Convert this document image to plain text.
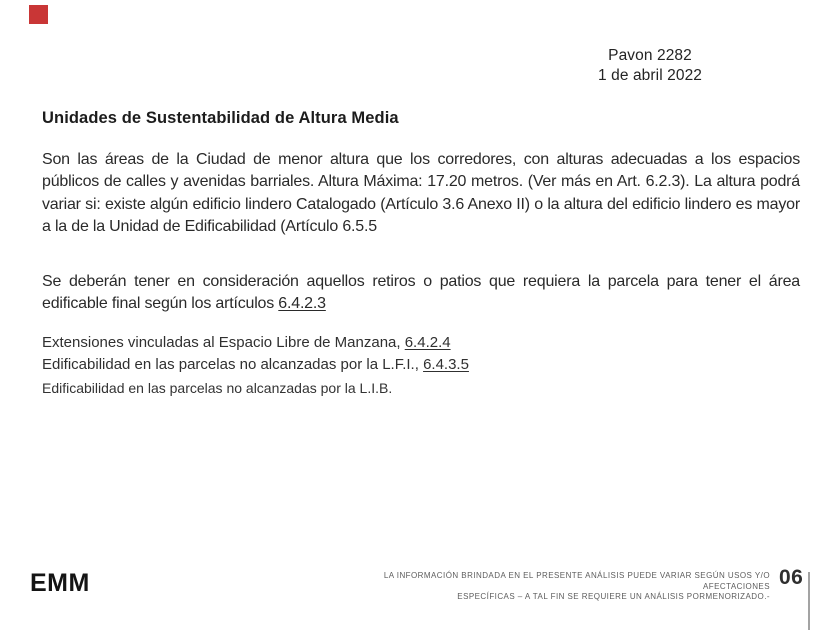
Pavon 2282
1 de abril 2022
Unidades de Sustentabilidad de Altura Media

Son las áreas de la Ciudad de menor altura que los corredores, con alturas adecuadas a los espacios públicos de calles y avenidas barriales. Altura Máxima: 17.20 metros. (Ver más en Art. 6.2.3). La altura podrá variar si: existe algún edificio lindero Catalogado (Artículo 3.6 Anexo II) o la altura del edificio lindero es mayor a la de la Unidad de Edificabilidad (Artículo 6.5.5

Se deberán tener en consideración aquellos retiros o patios que requiera la parcela para tener el área edificable final según los artículos 6.4.2.3

Extensiones vinculadas al Espacio Libre de Manzana, 6.4.2.4
Edificabilidad en las parcelas no alcanzadas por la L.F.I., 6.4.3.5
Edificabilidad en las parcelas no alcanzadas por la L.I.B.
EMM	LA INFORMACIÓN BRINDADA EN EL PRESENTE ANÁLISIS PUEDE VARIAR SEGÚN USOS Y/O AFECTACIONES
ESPECÍFICAS – A TAL FIN SE REQUIERE UN ANÁLISIS PORMENORIZADO.-
06
